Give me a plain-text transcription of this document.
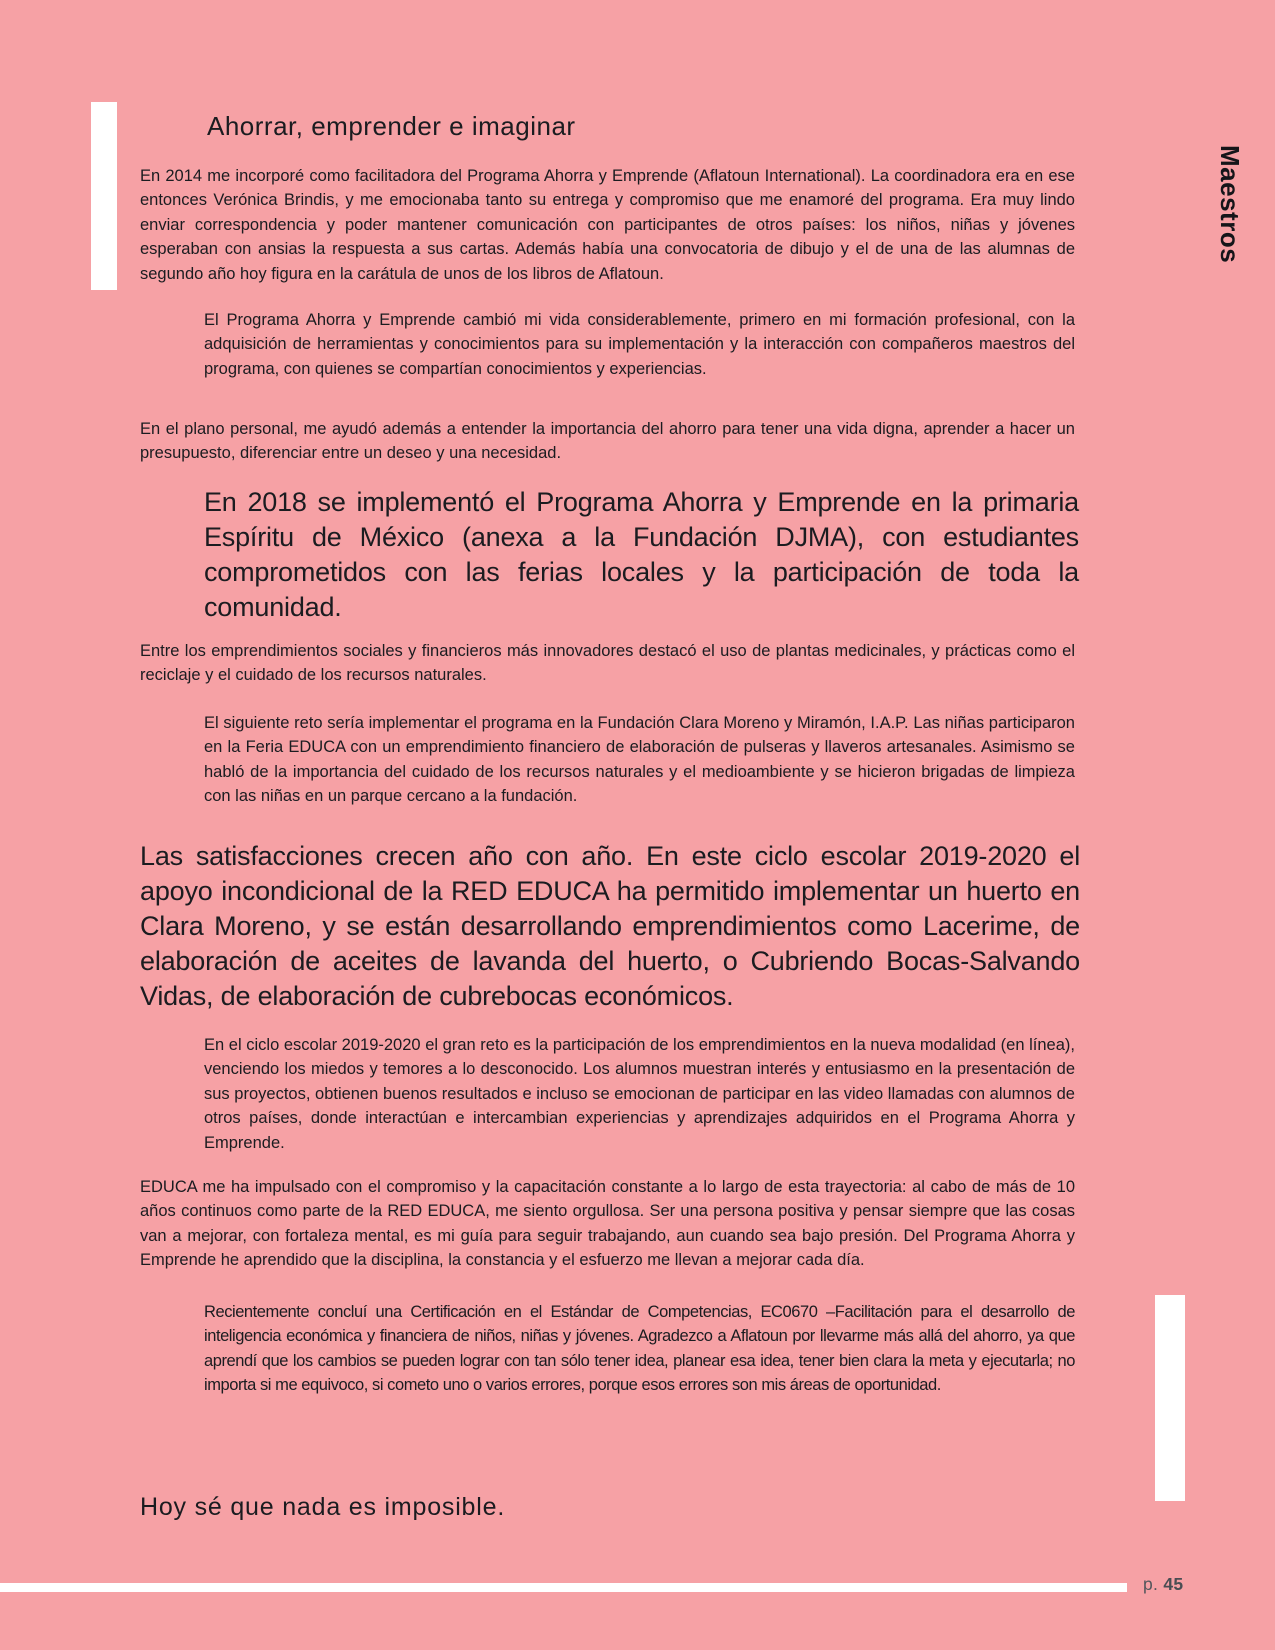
Ahorrar, emprender e imaginar

En 2014 me incorporé como facilitadora del Programa Ahorra y Emprende (Aflatoun International). La coordinadora era en ese entonces Verónica Brindis, y me emocionaba tanto su entrega y compromiso que me enamoré del programa. Era muy lindo enviar correspondencia y poder mantener comunicación con participantes de otros países: los niños, niñas y jóvenes esperaban con ansias la respuesta a sus cartas. Además había una convocatoria de dibujo y el de una de las alumnas de segundo año hoy figura en la carátula de unos de los libros de Aflatoun.

El Programa Ahorra y Emprende cambió mi vida considerablemente, primero en mi formación profesional, con la adquisición de herramientas y conocimientos para su implementación y la interacción con compañeros maestros del programa, con quienes se compartían conocimientos y experiencias.

En el plano personal, me ayudó además a entender la importancia del ahorro para tener una vida digna, aprender a hacer un presupuesto, diferenciar entre un deseo y una necesidad.

En 2018 se implementó el Programa Ahorra y Emprende en la primaria Espíritu de México (anexa a la Fundación DJMA), con estudiantes comprometidos con las ferias locales y la participación de toda la comunidad.

Entre los emprendimientos sociales y financieros más innovadores destacó el uso de plantas medicinales, y prácticas como el reciclaje y el cuidado de los recursos naturales.

El siguiente reto sería implementar el programa en la Fundación Clara Moreno y Miramón, I.A.P. Las niñas participaron en la Feria EDUCA con un emprendimiento financiero de elaboración de pulseras y llaveros artesanales. Asimismo se habló de la importancia del cuidado de los recursos naturales y el medioambiente y se hicieron brigadas de limpieza con las niñas en un parque cercano a la fundación.

Las satisfacciones crecen año con año. En este ciclo escolar 2019-2020 el apoyo incondicional de la RED EDUCA ha permitido implementar un huerto en Clara Moreno, y se están desarrollando emprendimientos como Lacerime, de elaboración de aceites de lavanda del huerto, o Cubriendo Bocas-Salvando Vidas, de elaboración de cubrebocas económicos.

En el ciclo escolar 2019-2020 el gran reto es la participación de los emprendimientos en la nueva modalidad (en línea), venciendo los miedos y temores a lo desconocido. Los alumnos muestran interés y entusiasmo en la presentación de sus proyectos, obtienen buenos resultados e incluso se emocionan de participar en las video llamadas con alumnos de otros países, donde interactúan e intercambian experiencias y aprendizajes adquiridos en el Programa Ahorra y Emprende.

EDUCA me ha impulsado con el compromiso y la capacitación constante a lo largo de esta trayectoria: al cabo de más de 10 años continuos como parte de la RED EDUCA, me siento orgullosa. Ser una persona positiva y pensar siempre que las cosas van a mejorar, con fortaleza mental, es mi guía para seguir trabajando, aun cuando sea bajo presión. Del Programa Ahorra y Emprende he aprendido que la disciplina, la constancia y el esfuerzo me llevan a mejorar cada día.

Recientemente concluí una Certificación en el Estándar de Competencias, EC0670 –Facilitación para el desarrollo de inteligencia económica y financiera de niños, niñas y jóvenes. Agradezco a Aflatoun por llevarme más allá del ahorro, ya que aprendí que los cambios se pueden lograr con tan sólo tener idea, planear esa idea, tener bien clara la meta y ejecutarla; no importa si me equivoco, si cometo uno o varios errores, porque esos errores son mis áreas de oportunidad.

Hoy sé que nada es imposible.

Maestros
p. 45
